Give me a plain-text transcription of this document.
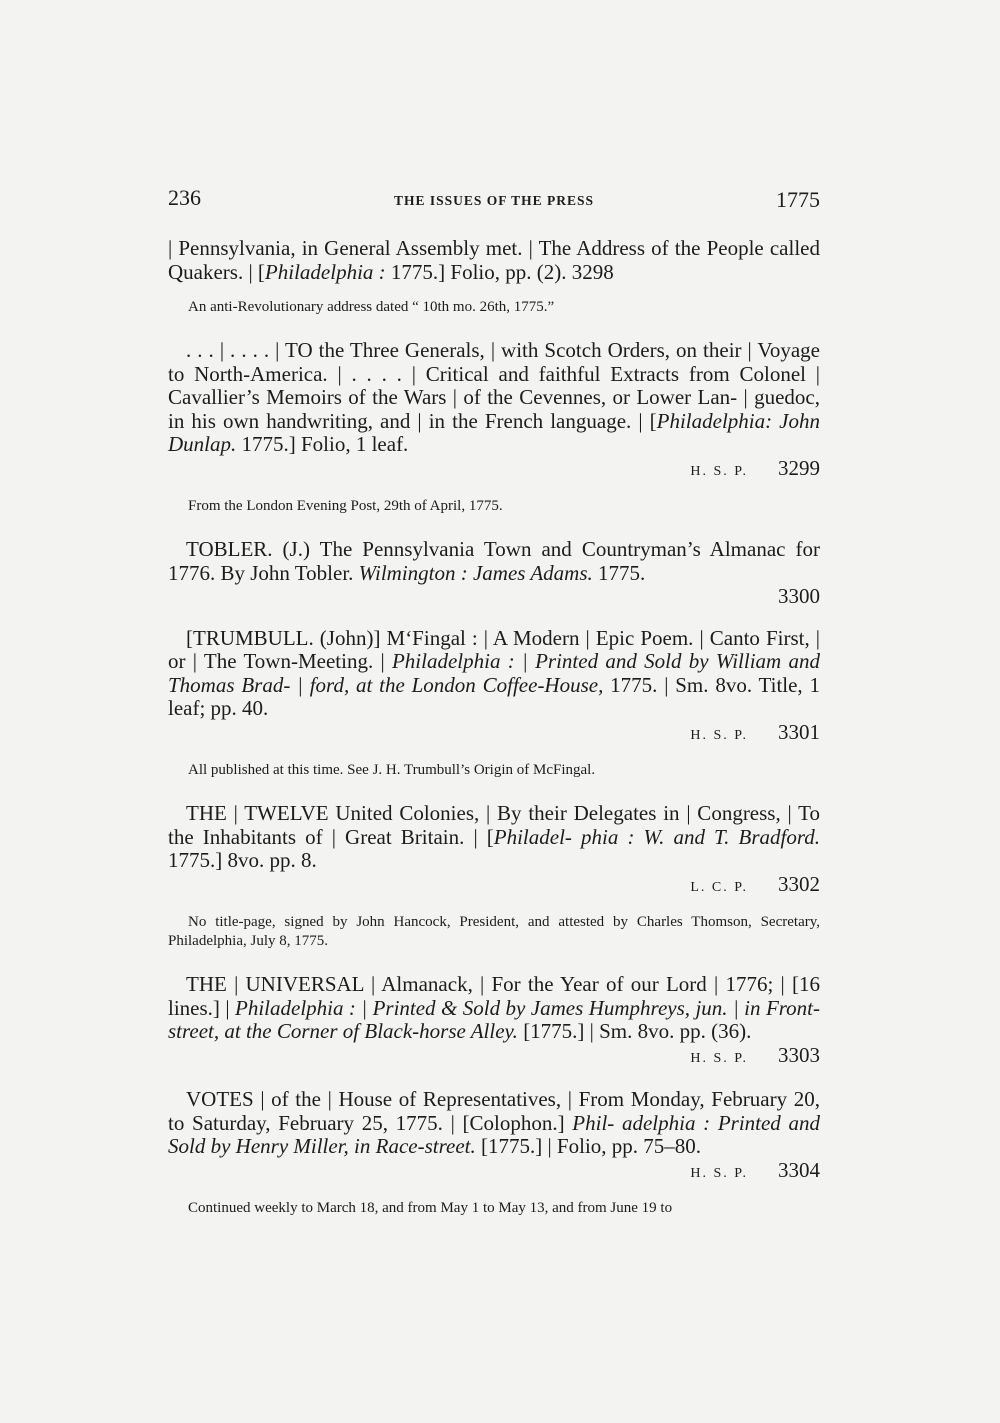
236	THE ISSUES OF THE PRESS	1775

| Pennsylvania, in General Assembly met. | The Address of the People called Quakers. | [Philadelphia : 1775.] Folio, pp. (2). 3298

An anti-Revolutionary address dated “ 10th mo. 26th, 1775.”

. . . | . . . . | TO the Three Generals, | with Scotch Orders, on their | Voyage to North-America. | . . . . | Critical and faithful Extracts from Colonel | Cavallier’s Memoirs of the Wars | of the Cevennes, or Lower Lan- | guedoc, in his own handwriting, and | in the French language. | [Philadelphia: John Dunlap. 1775.] Folio, 1 leaf.

H. S. P.	3299

From the London Evening Post, 29th of April, 1775.

TOBLER. (J.) The Pennsylvania Town and Countryman’s Almanac for 1776. By John Tobler. Wilmington : James Adams. 1775.

3300

[TRUMBULL. (John)] M‘Fingal : | A Modern | Epic Poem. | Canto First, | or | The Town-Meeting. | Philadelphia : | Printed and Sold by William and Thomas Brad- | ford, at the London Coffee-House, 1775. | Sm. 8vo. Title, 1 leaf; pp. 40.

H. S. P.	3301

All published at this time. See J. H. Trumbull’s Origin of McFingal.

THE | TWELVE United Colonies, | By their Delegates in | Congress, | To the Inhabitants of | Great Britain. | [Philadel- phia : W. and T. Bradford. 1775.] 8vo. pp. 8.

L. C. P.	3302

No title-page, signed by John Hancock, President, and attested by Charles Thomson, Secretary, Philadelphia, July 8, 1775.

THE | UNIVERSAL | Almanack, | For the Year of our Lord | 1776; | [16 lines.] | Philadelphia : | Printed & Sold by James Humphreys, jun. | in Front-street, at the Corner of Black-horse Alley. [1775.] | Sm. 8vo. pp. (36).

H. S. P.	3303

VOTES | of the | House of Representatives, | From Monday, February 20, to Saturday, February 25, 1775. | [Colophon.] Phil- adelphia : Printed and Sold by Henry Miller, in Race-street. [1775.] | Folio, pp. 75–80.

H. S. P.	3304

Continued weekly to March 18, and from May 1 to May 13, and from June 19 to
